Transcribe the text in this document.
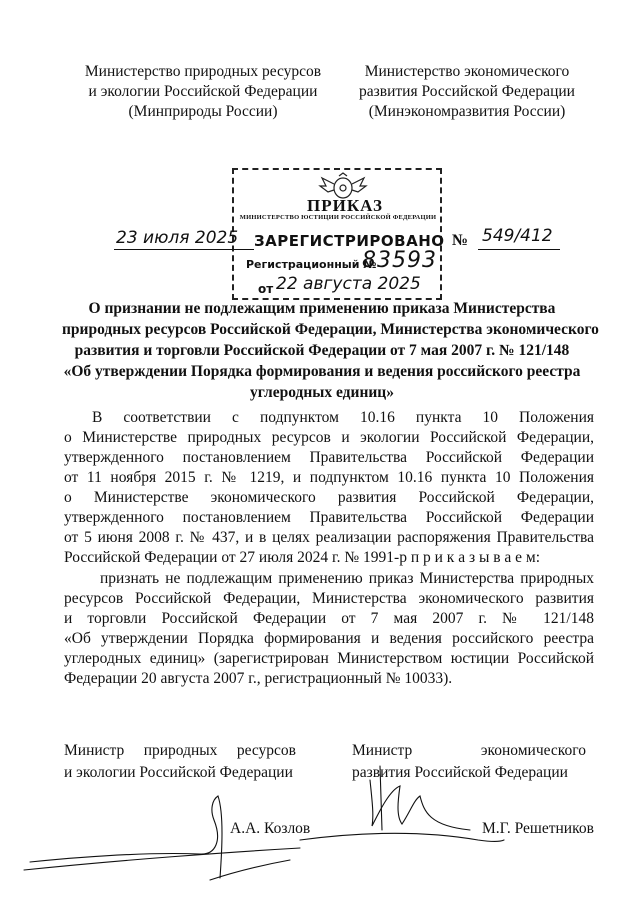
Министерство природных ресурсов
и экологии Российской Федерации
(Минприроды России)
Министерство экономического
развития Российской Федерации
(Минэкономразвития России)
ПРИКАЗ
МИНИСТЕРСТВО ЮСТИЦИИ РОССИЙСКОЙ ФЕДЕРАЦИИ
ЗАРЕГИСТРИРОВАНО
Регистрационный №
83593
от 22 августа 2025
23 июля 2025	№ 549/412
О признании не подлежащим применению приказа Министерства
природных ресурсов Российской Федерации, Министерства экономического
развития и торговли Российской Федерации от 7 мая 2007 г. № 121/148
«Об утверждении Порядка формирования и ведения российского реестра
углеродных единиц»
В соответствии с подпунктом 10.16 пункта 10 Положения
о Министерстве природных ресурсов и экологии Российской Федерации,
утвержденного постановлением Правительства Российской Федерации
от 11 ноября 2015 г. № 1219, и подпунктом 10.16 пункта 10 Положения
о Министерстве экономического развития Российской Федерации,
утвержденного постановлением Правительства Российской Федерации
от 5 июня 2008 г. № 437, и в целях реализации распоряжения Правительства
Российской Федерации от 27 июля 2024 г. № 1991-р п р и к а з ы в а е м:
признать не подлежащим применению приказ Министерства природных
ресурсов Российской Федерации, Министерства экономического развития
и торговли Российской Федерации от 7 мая 2007 г. № 121/148
«Об утверждении Порядка формирования и ведения российского реестра
углеродных единиц» (зарегистрирован Министерством юстиции Российской
Федерации 20 августа 2007 г., регистрационный № 10033).
Министр природных ресурсов
и экологии Российской Федерации
Министр экономического
развития Российской Федерации
А.А. Козлов	М.Г. Решетников
